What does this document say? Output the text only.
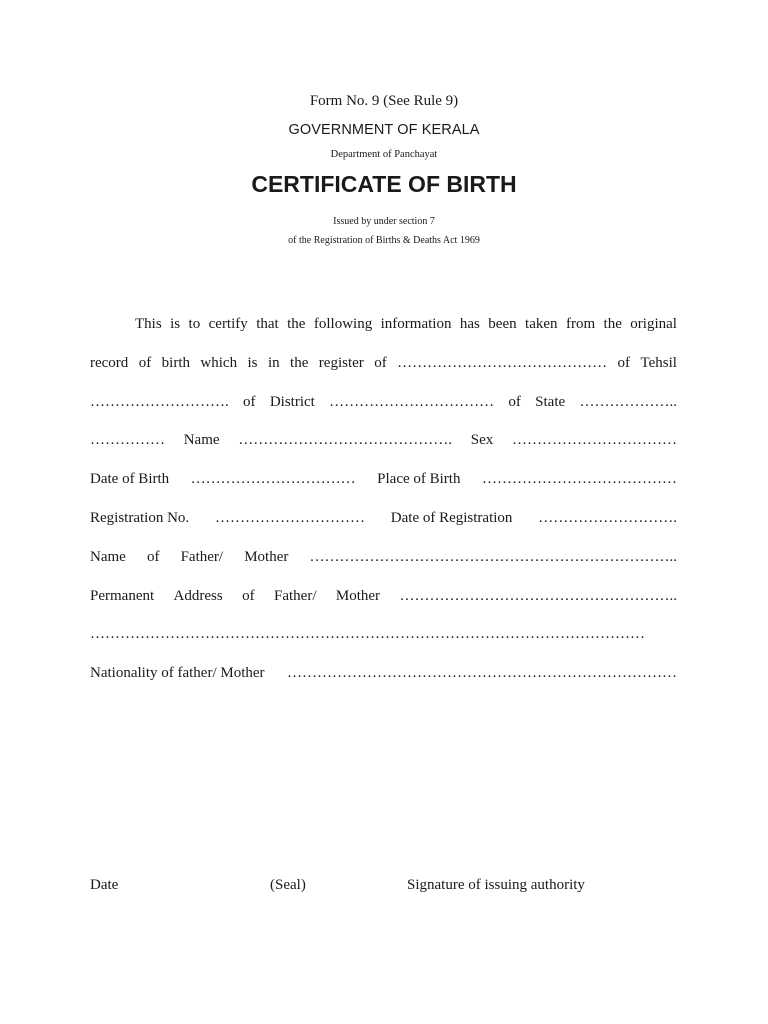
Form No. 9 (See Rule 9)
GOVERNMENT OF KERALA
Department of Panchayat
CERTIFICATE OF BIRTH
Issued by under section 7
of the Registration of Births & Deaths Act 1969
This is to certify that the following information has been taken from the original
record of birth which is in the register of …………………………………… of Tehsil
………………………. of District …………………………… of State ………………..
…………… Name ……………………………………. Sex ……………………………
Date of Birth …………………………… Place of Birth …………………………………
Registration No. ………………………… Date of Registration ……………………….
Name of Father/ Mother ………………………………………………………………..
Permanent Address of Father/ Mother ………………………………………………..
…………………………………………………………………………………………………
Nationality of father/ Mother ……………………………………………………………………
Date	(Seal)	Signature of issuing authority
